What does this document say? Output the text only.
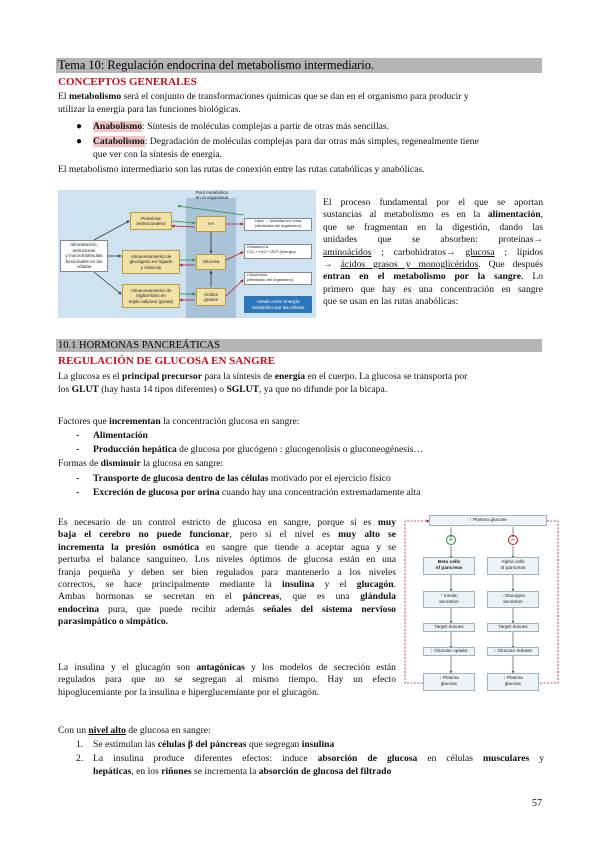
Tema 10: Regulación endocrina del metabolismo intermediario.
CONCEPTOS GENERALES
El metabolismo será el conjunto de transformaciones químicas que se dan en el organismo para producir y
utilizar la energía para las funciones biológicas.
● Anabolismo: Síntesis de moléculas complejas a partir de otras más sencillas.
● Catabolismo: Degradación de moléculas complejas para dar otras más simples, regenealmente tiene
que ver con la síntesis de energía.
El metabolismo intermediario son las rutas de conexión entre las rutas catabólicas y anabólicas.
Pool metabólico
en el organismo
Alimentación, estructuras
y macromoléculas
funcionales en las
células
Proteínas
(estructurales)	AA
Almacenamiento de
glucógeno en hígado
y músculo
Glucosa
Almacenamiento de
triglicéridos en
tejido adiposo (grasa)
Ácidos
grasos
Urea → toxicidad en orina
(eliminada del organismo)
Oxidación a
CO₂ + H₂O + ATP (energía)
Conversión
(eliminado del organismo)
Usado como energía
metabólica por las células
El proceso fundamental por el que se aportan
sustancias al metabolismo es en la alimentación,
que se fragmentan en la digestión, dando las
unidades que se absorben: proteínas→
aminoácidos ; carbohidratos→ glucosa ; lípidos
→ ácidos grasos y monoglicéridos. Que después
entran en el metabolismo por la sangre. Lo
primero que hay es una concentración en sangre
que se usan en las rutas anabólicas:
10.1 HORMONAS PANCREÁTICAS
REGULACIÓN DE GLUCOSA EN SANGRE
La glucosa es el principal precursor para la síntesis de energía en el cuerpo. La glucosa se transporta por
los GLUT (hay hasta 14 tipos diferentes) o SGLUT, ya que no difunde por la bicapa.
Factores que incrementan la concentración glucosa en sangre:
- Alimentación
- Producción hepática de glucosa por glucógeno : glucogenolisis o gluconeogénesis…
Formas de disminuir la glucosa en sangre:
- Transporte de glucosa dentro de las células motivado por el ejercicio físico
- Excreción de glucosa por orina cuando hay una concentración extremadamente alta
Es necesario de un control estricto de glucosa en sangre, porque si es muy
baja el cerebro no puede funcionar, pero si el nivel es muy alto se
incrementa la presión osmótica en sangre que tiende a aceptar agua y se
perturba el balance sanguíneo. Los niveles óptimos de glucosa están en una
franja pequeña y deben ser bien regulados para mantenerlo a los niveles
correctos, se hace principalmente mediante la insulina y el glucagón.
Ambas hormonas se secretan en el páncreas, que es una glándula
endocrina pura, que puede recibir además señales del sistema nervioso
parasimpático o simpático.
La insulina y el glucagón son antagónicas y los modelos de secreción están
regulados para que no se segregan al mismo tiempo. Hay un efecto
hipoglucemiante por la insulina e hiperglucemiante por el glucagón.
↑ Plasma glucose
+	−
Beta cells
of pancreas
Alpha cells
of pancreas
↑ Insulin
secretion
↓ Glucagon
secretion
Target tissues	Target tissues
↑ Glucose uptake	↓ Glucose release
↓ Plasma
glucose
↓ Plasma
glucose
Con un nivel alto de glucosa en sangre:
1. Se estimulan las células β del páncreas que segregan insulina
2. La insulina produce diferentes efectos: induce absorción de glucosa en células musculares y
hepáticas, en los riñones se incrementa la absorción de glucosa del filtrado
57
